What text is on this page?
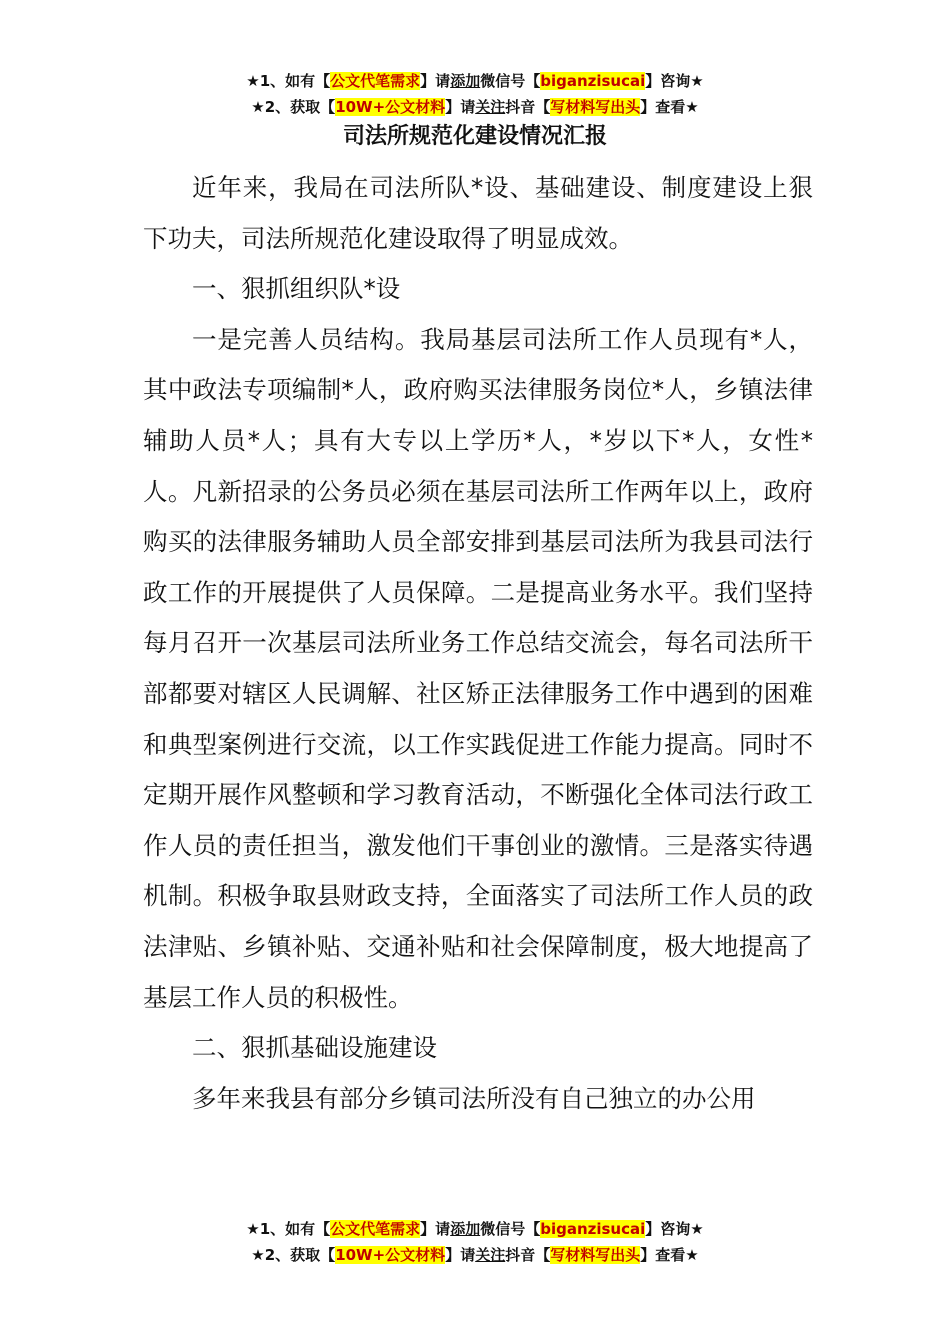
★1、如有【公文代笔需求】请添加微信号【biganzisucai】咨询★
★2、获取【10W+公文材料】请关注抖音【写材料写出头】查看★
司法所规范化建设情况汇报

近年来，我局在司法所队*设、基础建设、制度建设上狠下功夫，司法所规范化建设取得了明显成效。

一、狠抓组织队*设

一是完善人员结构。我局基层司法所工作人员现有*人，其中政法专项编制*人，政府购买法律服务岗位*人，乡镇法律辅助人员*人；具有大专以上学历*人，*岁以下*人，女性*人。凡新招录的公务员必须在基层司法所工作两年以上，政府购买的法律服务辅助人员全部安排到基层司法所为我县司法行政工作的开展提供了人员保障。二是提高业务水平。我们坚持每月召开一次基层司法所业务工作总结交流会，每名司法所干部都要对辖区人民调解、社区矫正法律服务工作中遇到的困难和典型案例进行交流，以工作实践促进工作能力提高。同时不定期开展作风整顿和学习教育活动，不断强化全体司法行政工作人员的责任担当，激发他们干事创业的激情。三是落实待遇机制。积极争取县财政支持，全面落实了司法所工作人员的政法津贴、乡镇补贴、交通补贴和社会保障制度，极大地提高了基层工作人员的积极性。

二、狠抓基础设施建设

多年来我县有部分乡镇司法所没有自己独立的办公用

★1、如有【公文代笔需求】请添加微信号【biganzisucai】咨询★
★2、获取【10W+公文材料】请关注抖音【写材料写出头】查看★
